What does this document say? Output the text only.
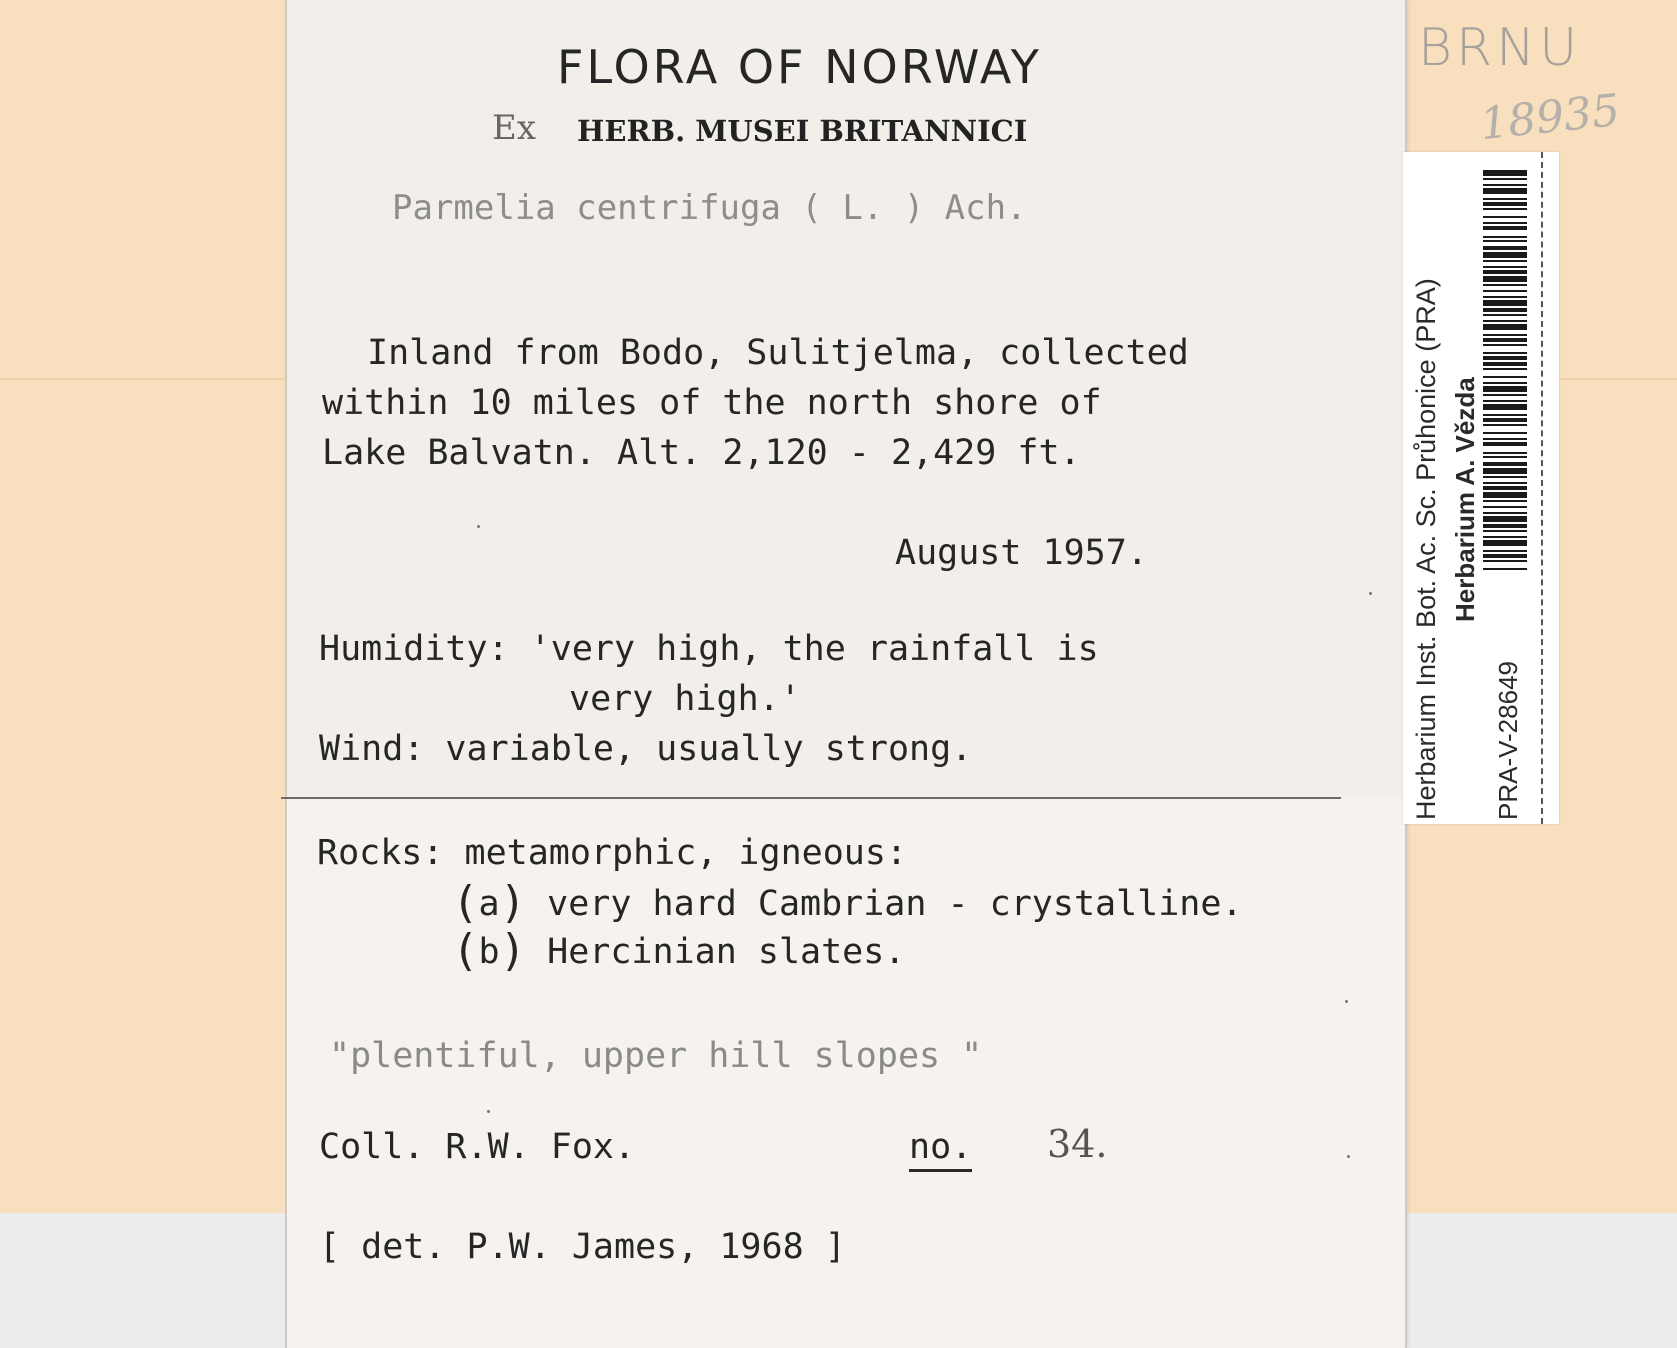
FLORA OF NORWAY
Ex HERB. MUSEI BRITANNICI
Parmelia centrifuga ( L. ) Ach.
Inland from Bodo, Sulitjelma, collected
within 10 miles of the north shore of
Lake Balvatn. Alt. 2,120 - 2,429 ft.
August 1957.
Humidity: 'very high, the rainfall is
very high.'
Wind: variable, usually strong.
Rocks: metamorphic, igneous:
(a) very hard Cambrian - crystalline.
(b) Hercinian slates.
"plentiful, upper hill slopes "
Coll. R.W. Fox.	no. 34.
[ det. P.W. James, 1968 ]
BRNU
18935
Herbarium Inst. Bot. Ac. Sc. Průhonice (PRA) Herbarium A. Vězda
PRA-V-28649
